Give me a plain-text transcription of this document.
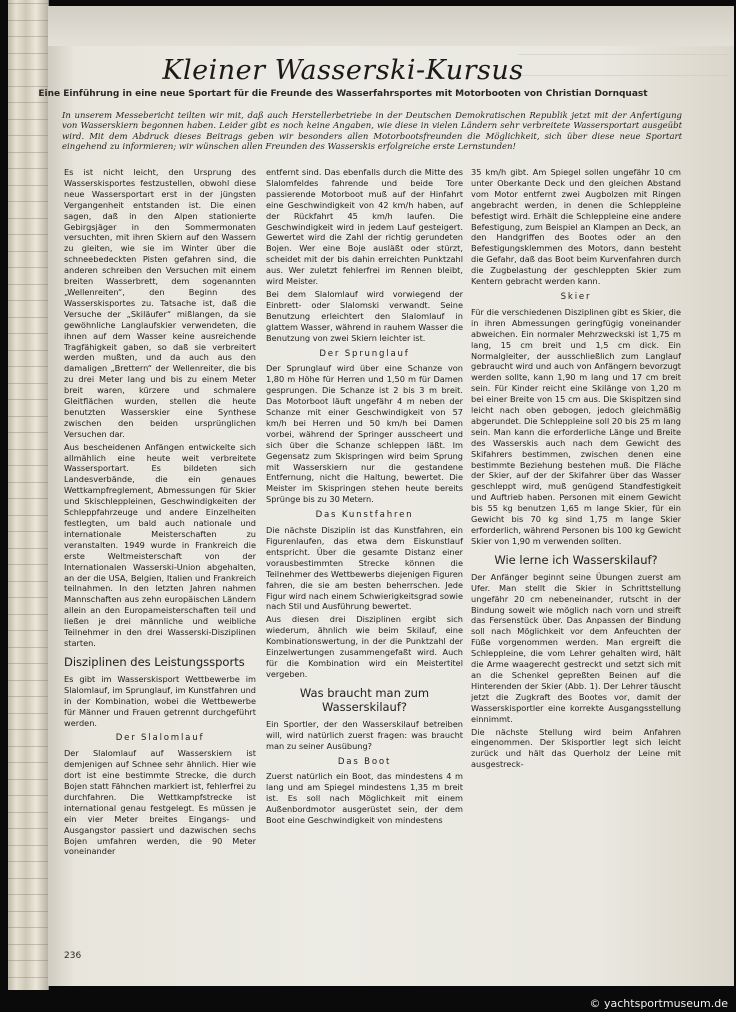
Kleiner Wasserski-Kursus
Eine Einführung in eine neue Sportart für die Freunde des Wasserfahrsportes mit Motorbooten von Christian Dornquast

In unserem Messebericht teilten wir mit, daß auch Herstellerbetriebe in der Deutschen Demokratischen Republik jetzt mit der Anfertigung von Wasserskiern begonnen haben. Leider gibt es noch keine Angaben, wie diese in vielen Ländern sehr verbreitete Wassersportart ausgeübt wird. Mit dem Abdruck dieses Beitrags geben wir besonders allen Motorbootsfreunden die Möglichkeit, sich über diese neue Sportart eingehend zu informieren; wir wünschen allen Freunden des Wasserskis erfolgreiche erste Lernstunden!

Es ist nicht leicht, den Ursprung des Wasserskisportes festzustellen, obwohl diese neue Wassersportart erst in der jüngsten Vergangenheit entstanden ist. Die einen sagen, daß in den Alpen stationierte Gebirgsjäger in den Sommermonaten versuchten, mit ihren Skiern auf den Wassern zu gleiten, wie sie im Winter über die schneebedeckten Pisten gefahren sind, die anderen schreiben den Versuchen mit einem breiten Wasserbrett, dem sogenannten „Wellenreiten“, den Beginn des Wasserskisportes zu. Tatsache ist, daß die Versuche der „Skiläufer“ mißlangen, da sie gewöhnliche Langlaufskier verwendeten, die ihnen auf dem Wasser keine ausreichende Tragfähigkeit gaben, so daß sie verbreitert werden mußten, und da auch aus den damaligen „Brettern“ der Wellenreiter, die bis zu drei Meter lang und bis zu einem Meter breit waren, kürzere und schmalere Gleitflächen wurden, stellen die heute benutzten Wasserskier eine Synthese zwischen den beiden ursprünglichen Versuchen dar.

Aus bescheidenen Anfängen entwickelte sich allmählich eine heute weit verbreitete Wassersportart. Es bildeten sich Landesverbände, die ein genaues Wettkampfreglement, Abmessungen für Skier und Skischleppleinen, Geschwindigkeiten der Schleppfahrzeuge und andere Einzelheiten festlegten, um bald auch nationale und internationale Meisterschaften zu veranstalten. 1949 wurde in Frankreich die erste Weltmeisterschaft von der Internationalen Wasserski-Union abgehalten, an der die USA, Belgien, Italien und Frankreich teilnahmen. In den letzten Jahren nahmen Mannschaften aus zehn europäischen Ländern allein an den Europameisterschaften teil und ließen je drei männliche und weibliche Teilnehmer in den drei Wasserski-Disziplinen starten.

Disziplinen des Leistungssports

Es gibt im Wasserskisport Wettbewerbe im Slalomlauf, im Sprunglauf, im Kunstfahren und in der Kombination, wobei die Wettbewerbe für Männer und Frauen getrennt durchgeführt werden.

Der Slalomlauf

Der Slalomlauf auf Wasserskiern ist demjenigen auf Schnee sehr ähnlich. Hier wie dort ist eine bestimmte Strecke, die durch Bojen statt Fähnchen markiert ist, fehlerfrei zu durchfahren. Die Wettkampfstrecke ist international genau festgelegt. Es müssen je ein vier Meter breites Eingangs- und Ausgangstor passiert und dazwischen sechs Bojen umfahren werden, die 90 Meter voneinander

entfernt sind. Das ebenfalls durch die Mitte des Slalomfeldes fahrende und beide Tore passierende Motorboot muß auf der Hinfahrt eine Geschwindigkeit von 42 km/h haben, auf der Rückfahrt 45 km/h laufen. Die Geschwindigkeit wird in jedem Lauf gesteigert. Gewertet wird die Zahl der richtig gerundeten Bojen. Wer eine Boje ausläßt oder stürzt, scheidet mit der bis dahin erreichten Punktzahl aus. Wer zuletzt fehlerfrei im Rennen bleibt, wird Meister.

Bei dem Slalomlauf wird vorwiegend der Einbrett- oder Slalomski verwandt. Seine Benutzung erleichtert den Slalomlauf in glattem Wasser, während in rauhem Wasser die Benutzung von zwei Skiern leichter ist.

Der Sprunglauf

Der Sprunglauf wird über eine Schanze von 1,80 m Höhe für Herren und 1,50 m für Damen gesprungen. Die Schanze ist 2 bis 3 m breit. Das Motorboot läuft ungefähr 4 m neben der Schanze mit einer Geschwindigkeit von 57 km/h bei Herren und 50 km/h bei Damen vorbei, während der Springer ausscheert und sich über die Schanze schleppen läßt. Im Gegensatz zum Skispringen wird beim Sprung mit Wasserskiern nur die gestandene Entfernung, nicht die Haltung, bewertet. Die Meister im Skispringen stehen heute bereits Sprünge bis zu 30 Metern.

Das Kunstfahren

Die nächste Disziplin ist das Kunstfahren, ein Figurenlaufen, das etwa dem Eiskunstlauf entspricht. Über die gesamte Distanz einer vorausbestimmten Strecke können die Teilnehmer des Wettbewerbs diejenigen Figuren fahren, die sie am besten beherrschen. Jede Figur wird nach einem Schwierigkeitsgrad sowie nach Stil und Ausführung bewertet.

Aus diesen drei Disziplinen ergibt sich wiederum, ähnlich wie beim Skilauf, eine Kombinationswertung, in der die Punktzahl der Einzelwertungen zusammengefaßt wird. Auch für die Kombination wird ein Meistertitel vergeben.

Was braucht man zum Wasserskilauf?

Ein Sportler, der den Wasserskilauf betreiben will, wird natürlich zuerst fragen: was braucht man zu seiner Ausübung?

Das Boot

Zuerst natürlich ein Boot, das mindestens 4 m lang und am Spiegel mindestens 1,35 m breit ist. Es soll nach Möglichkeit mit einem Außenbordmotor ausgerüstet sein, der dem Boot eine Geschwindigkeit von mindestens

35 km/h gibt. Am Spiegel sollen ungefähr 10 cm unter Oberkante Deck und den gleichen Abstand vom Motor entfernt zwei Augbolzen mit Ringen angebracht werden, in denen die Schleppleine befestigt wird. Erhält die Schleppleine eine andere Befestigung, zum Beispiel an Klampen an Deck, an den Handgriffen des Bootes oder an den Befestigungsklemmen des Motors, dann besteht die Gefahr, daß das Boot beim Kurvenfahren durch die Zugbelastung der geschleppten Skier zum Kentern gebracht werden kann.

Skier

Für die verschiedenen Disziplinen gibt es Skier, die in ihren Abmessungen geringfügig voneinander abweichen. Ein normaler Mehrzweckski ist 1,75 m lang, 15 cm breit und 1,5 cm dick. Ein Normalgleiter, der ausschließlich zum Langlauf gebraucht wird und auch von Anfängern bevorzugt werden sollte, kann 1,90 m lang und 17 cm breit sein. Für Kinder reicht eine Skilänge von 1,20 m bei einer Breite von 15 cm aus. Die Skispitzen sind leicht nach oben gebogen, jedoch gleichmäßig abgerundet. Die Schleppleine soll 20 bis 25 m lang sein. Man kann die erforderliche Länge und Breite des Wasserskis auch nach dem Gewicht des Skifahrers bestimmen, zwischen denen eine bestimmte Beziehung bestehen muß. Die Fläche der Skier, auf der der Skifahrer über das Wasser geschleppt wird, muß genügend Standfestigkeit und Auftrieb haben. Personen mit einem Gewicht bis 55 kg benutzen 1,65 m lange Skier, für ein Gewicht bis 70 kg sind 1,75 m lange Skier erforderlich, während Personen bis 100 kg Gewicht Skier von 1,90 m verwenden sollten.

Wie lerne ich Wasserskilauf?

Der Anfänger beginnt seine Übungen zuerst am Ufer. Man stellt die Skier in Schrittstellung ungefähr 20 cm nebeneinander, rutscht in der Bindung soweit wie möglich nach vorn und streift das Fersenstück über. Das Anpassen der Bindung soll nach Möglichkeit vor dem Anfeuchten der Füße vorgenommen werden. Man ergreift die Schleppleine, die vom Lehrer gehalten wird, hält die Arme waagerecht gestreckt und setzt sich mit an die Schenkel gepreßten Beinen auf die Hinterenden der Skier (Abb. 1). Der Lehrer täuscht jetzt die Zugkraft des Bootes vor, damit der Wasserskisportler eine korrekte Ausgangsstellung einnimmt.

Die nächste Stellung wird beim Anfahren eingenommen. Der Skisportler legt sich leicht zurück und hält das Querholz der Leine mit ausgestreck-

236
© yachtsportmuseum.de
